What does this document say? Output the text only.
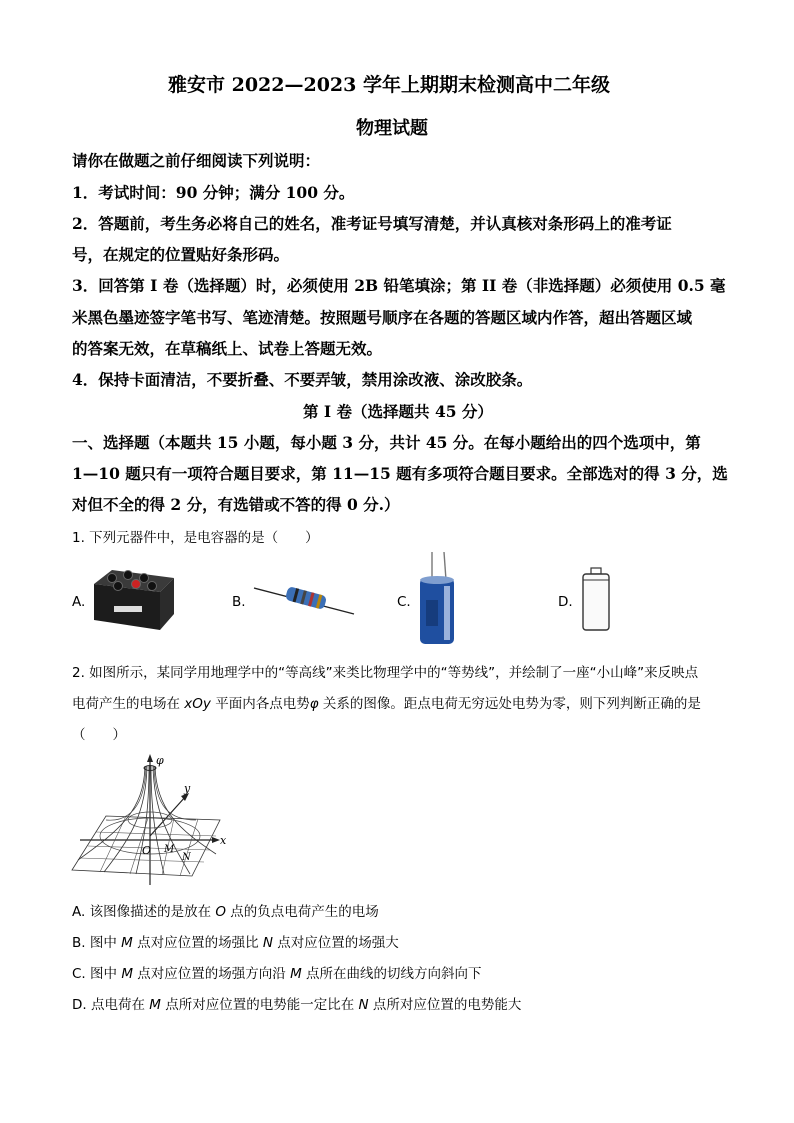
雅安市 2022—2023 学年上期期末检测高中二年级
物理试题
请你在做题之前仔细阅读下列说明：
1．考试时间：90 分钟；满分 100 分。
2．答题前，考生务必将自己的姓名，准考证号填写清楚，并认真核对条形码上的准考证
号，在规定的位置贴好条形码。
3．回答第 I 卷（选择题）时，必须使用 2B 铅笔填涂；第 II 卷（非选择题）必须使用 0.5 毫
米黑色墨迹签字笔书写、笔迹清楚。按照题号顺序在各题的答题区域内作答，超出答题区域
的答案无效，在草稿纸上、试卷上答题无效。
4．保持卡面清洁，不要折叠、不要弄皱，禁用涂改液、涂改胶条。
第 I 卷（选择题共 45 分）
一、选择题（本题共 15 小题，每小题 3 分，共计 45 分。在每小题给出的四个选项中，第
1—10 题只有一项符合题目要求，第 11—15 题有多项符合题目要求。全部选对的得 3 分，选
对但不全的得 2 分，有选错或不答的得 0 分.）
1. 下列元器件中，是电容器的是（　　）
A.	B.	C.	D.
2. 如图所示，某同学用地理学中的“等高线”来类比物理学中的“等势线”，并绘制了一座“小山峰”来反映点
电荷产生的电场在 xOy 平面内各点电势φ 关系的图像。距点电荷无穷远处电势为零，则下列判断正确的是
（　　）
φ
y
x
O M
N
A. 该图像描述的是放在 O 点的负点电荷产生的电场
B. 图中 M 点对应位置的场强比 N 点对应位置的场强大
C. 图中 M 点对应位置的场强方向沿 M 点所在曲线的切线方向斜向下
D. 点电荷在 M 点所对应位置的电势能一定比在 N 点所对应位置的电势能大
